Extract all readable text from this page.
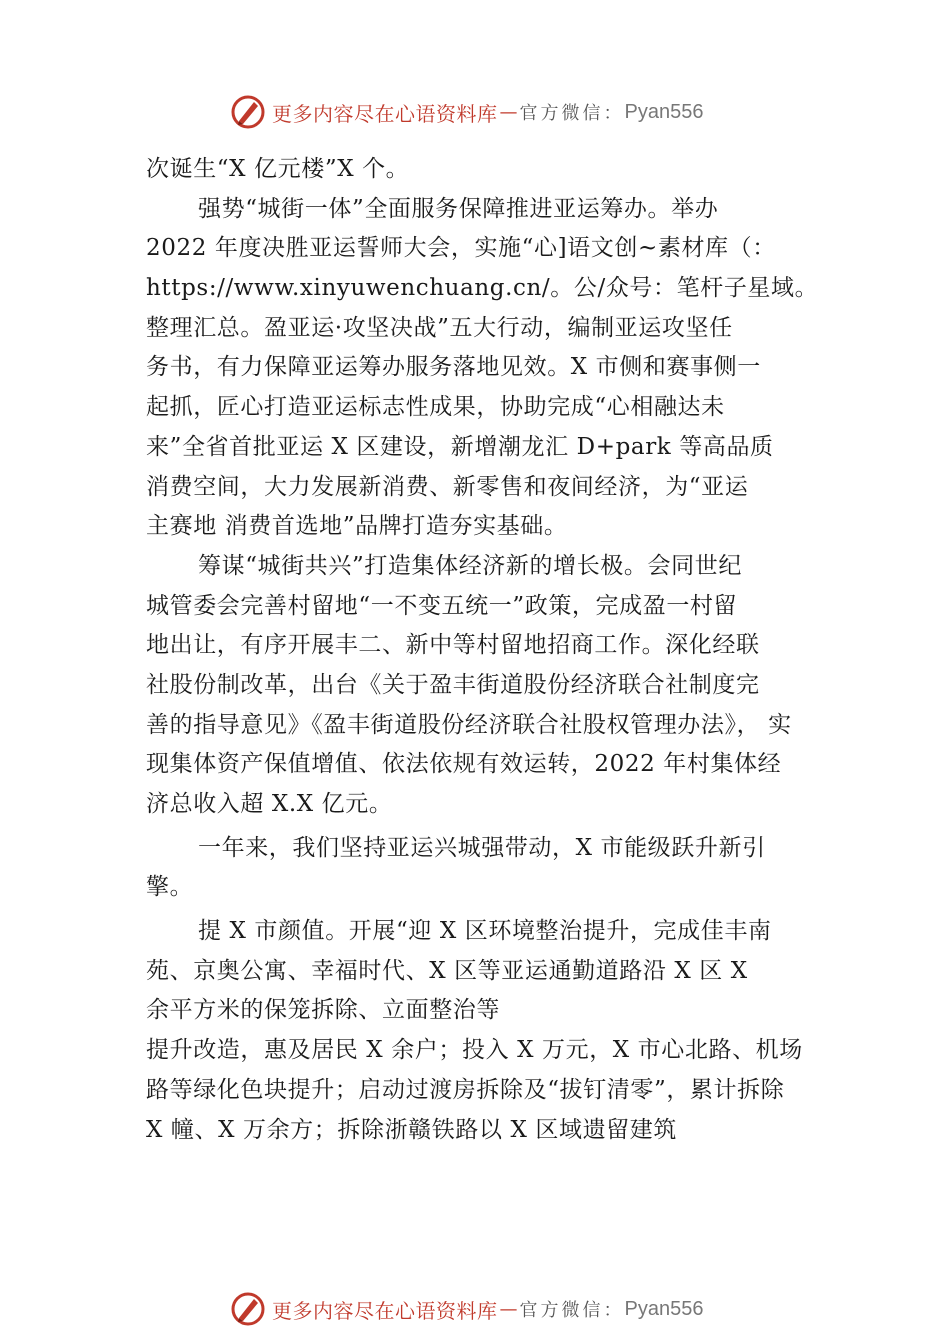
更多内容尽在心语资料库 — 官方微信： Pyan556
次诞生“X 亿元楼”X 个。
强势“城街一体”全面服务保障推进亚运筹办。举办
2022 年度决胜亚运誓师大会，实施“心]语文创~素材库（：
https://www.xinyuwenchuang.cn/。公/众号：笔杆子星域。
整理汇总。盈亚运·攻坚决战”五大行动，编制亚运攻坚任
务书，有力保障亚运筹办服务落地见效。X 市侧和赛事侧一
起抓，匠心打造亚运标志性成果，协助完成“心相融达未
来”全省首批亚运 X 区建设，新增潮龙汇 D+park 等高品质
消费空间，大力发展新消费、新零售和夜间经济，为“亚运
主赛地 消费首选地”品牌打造夯实基础。
筹谋“城街共兴”打造集体经济新的增长极。会同世纪
城管委会完善村留地“一不变五统一”政策，完成盈一村留
地出让，有序开展丰二、新中等村留地招商工作。深化经联
社股份制改革，出台《关于盈丰街道股份经济联合社制度完
善的指导意见》《盈丰街道股份经济联合社股权管理办法》， 实
现集体资产保值增值、依法依规有效运转，2022 年村集体经
济总收入超 X.X 亿元。
一年来，我们坚持亚运兴城强带动，X 市能级跃升新引
擎。
提 X 市颜值。开展“迎 X 区环境整治提升，完成佳丰南
苑、京奥公寓、幸福时代、X 区等亚运通勤道路沿 X 区 X
余平方米的保笼拆除、立面整治等
提升改造，惠及居民 X 余户；投入 X 万元，X 市心北路、机场
路等绿化色块提升；启动过渡房拆除及“拔钉清零”，累计拆除
X 幢、X 万余方；拆除浙赣铁路以 X 区域遗留建筑
更多内容尽在心语资料库 — 官方微信： Pyan556
